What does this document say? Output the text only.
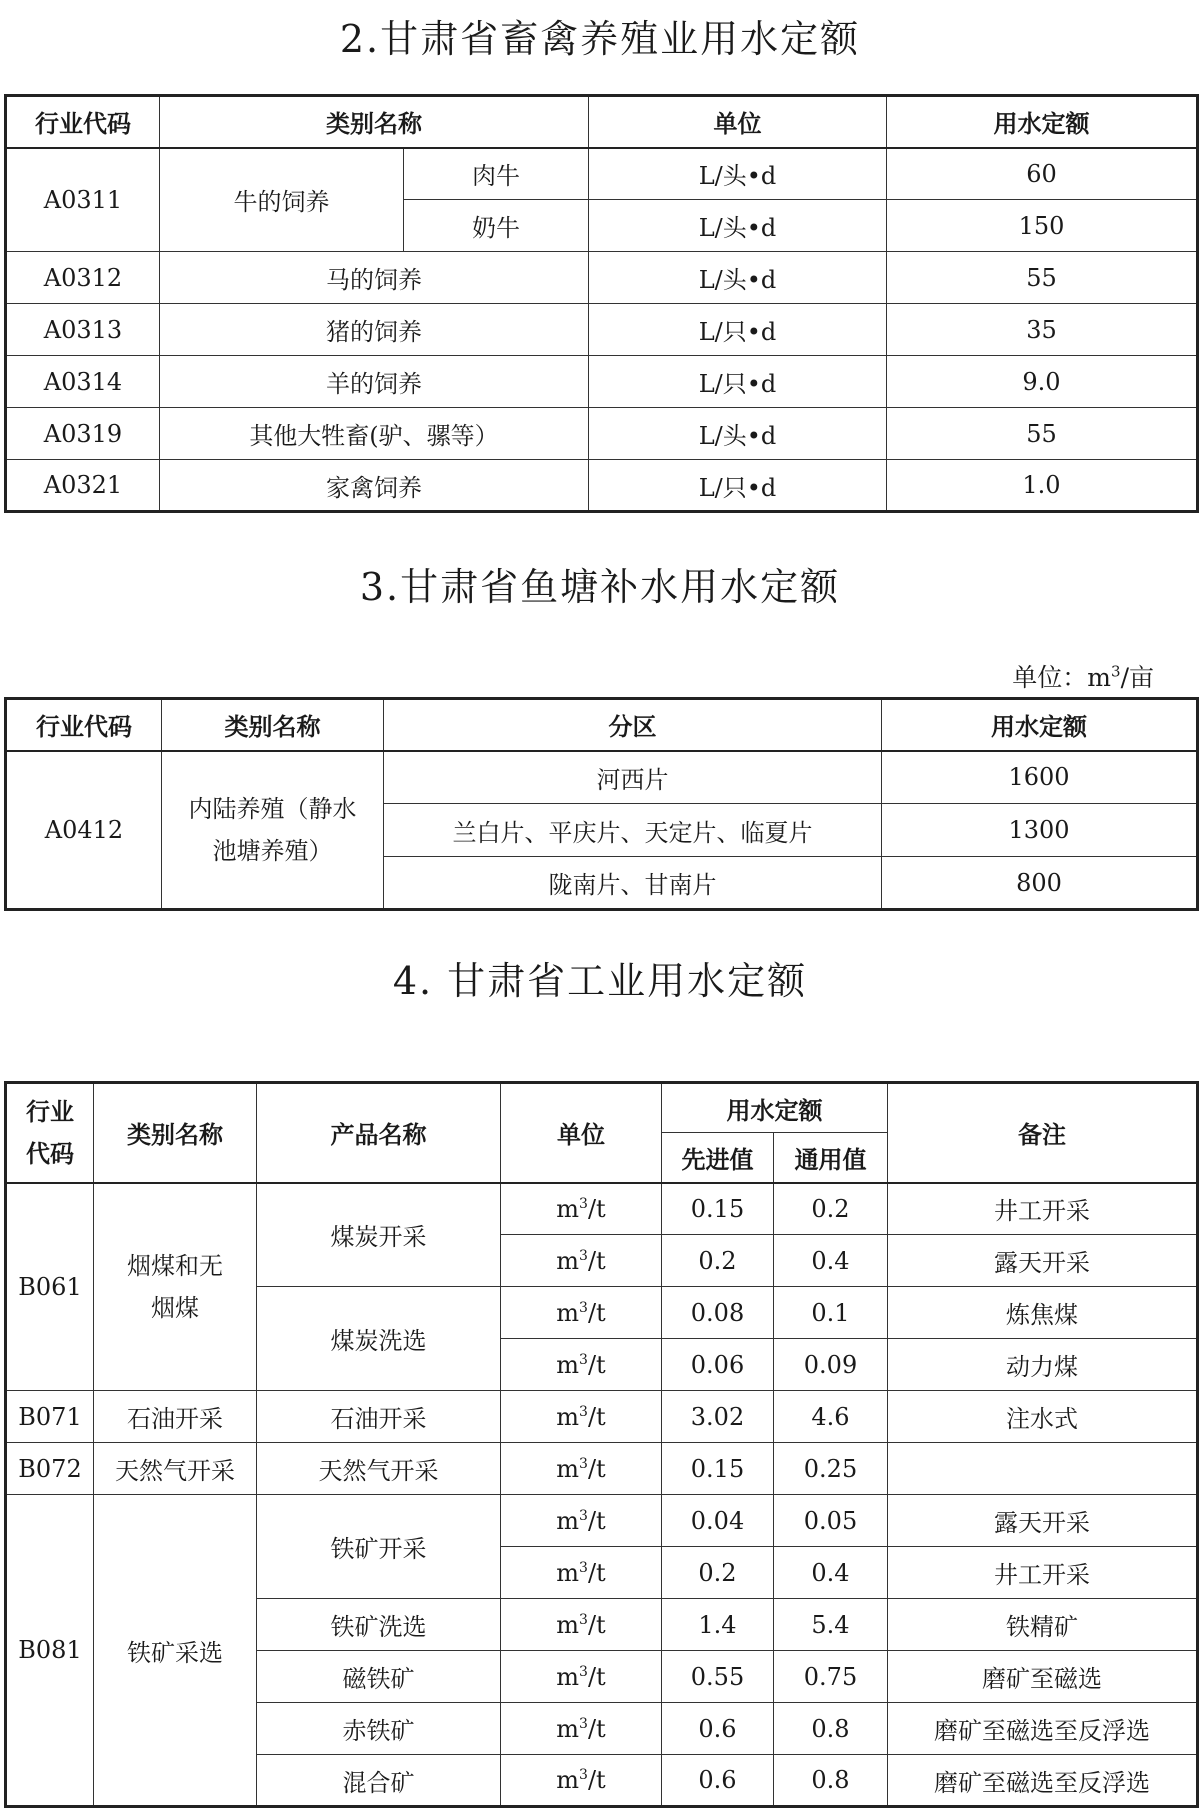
2.甘肃省畜禽养殖业用水定额
行业代码	类别名称		单位	用水定额
A0311	牛的饲养	肉牛	L/头•d	60
		奶牛	L/头•d	150
A0312	马的饲养		L/头•d	55
A0313	猪的饲养		L/只•d	35
A0314	羊的饲养		L/只•d	9.0
A0319	其他大牲畜(驴、骡等）		L/头•d	55
A0321	家禽饲养		L/只•d	1.0
3.甘肃省鱼塘补水用水定额
单位：$m^3/$亩
行业代码	类别名称	分区	用水定额
A0412	内陆养殖（静水
池塘养殖）	河西片	1600
		兰白片、平庆片、天定片、临夏片	1300
		陇南片、甘南片	800
4. 甘肃省工业用水定额
行业
代码	类别名称	产品名称	单位	用水定额		备注
				先进值	通用值	
B061	烟煤和无
烟煤	煤炭开采	$m^3/t$	0.15	0.2	井工开采
			$m^3/t$	0.2	0.4	露天开采
		煤炭洗选	$m^3/t$	0.08	0.1	炼焦煤
			$m^3/t$	0.06	0.09	动力煤
B071	石油开采	石油开采	$m^3/t$	3.02	4.6	注水式
B072	天然气开采	天然气开采	$m^3/t$	0.15	0.25	
B081	铁矿采选	铁矿开采	$m^3/t$	0.04	0.05	露天开采
			$m^3/t$	0.2	0.4	井工开采
		铁矿洗选	$m^3/t$	1.4	5.4	铁精矿
		磁铁矿	$m^3/t$	0.55	0.75	磨矿至磁选
		赤铁矿	$m^3/t$	0.6	0.8	磨矿至磁选至反浮选
		混合矿	$m^3/t$	0.6	0.8	磨矿至磁选至反浮选
